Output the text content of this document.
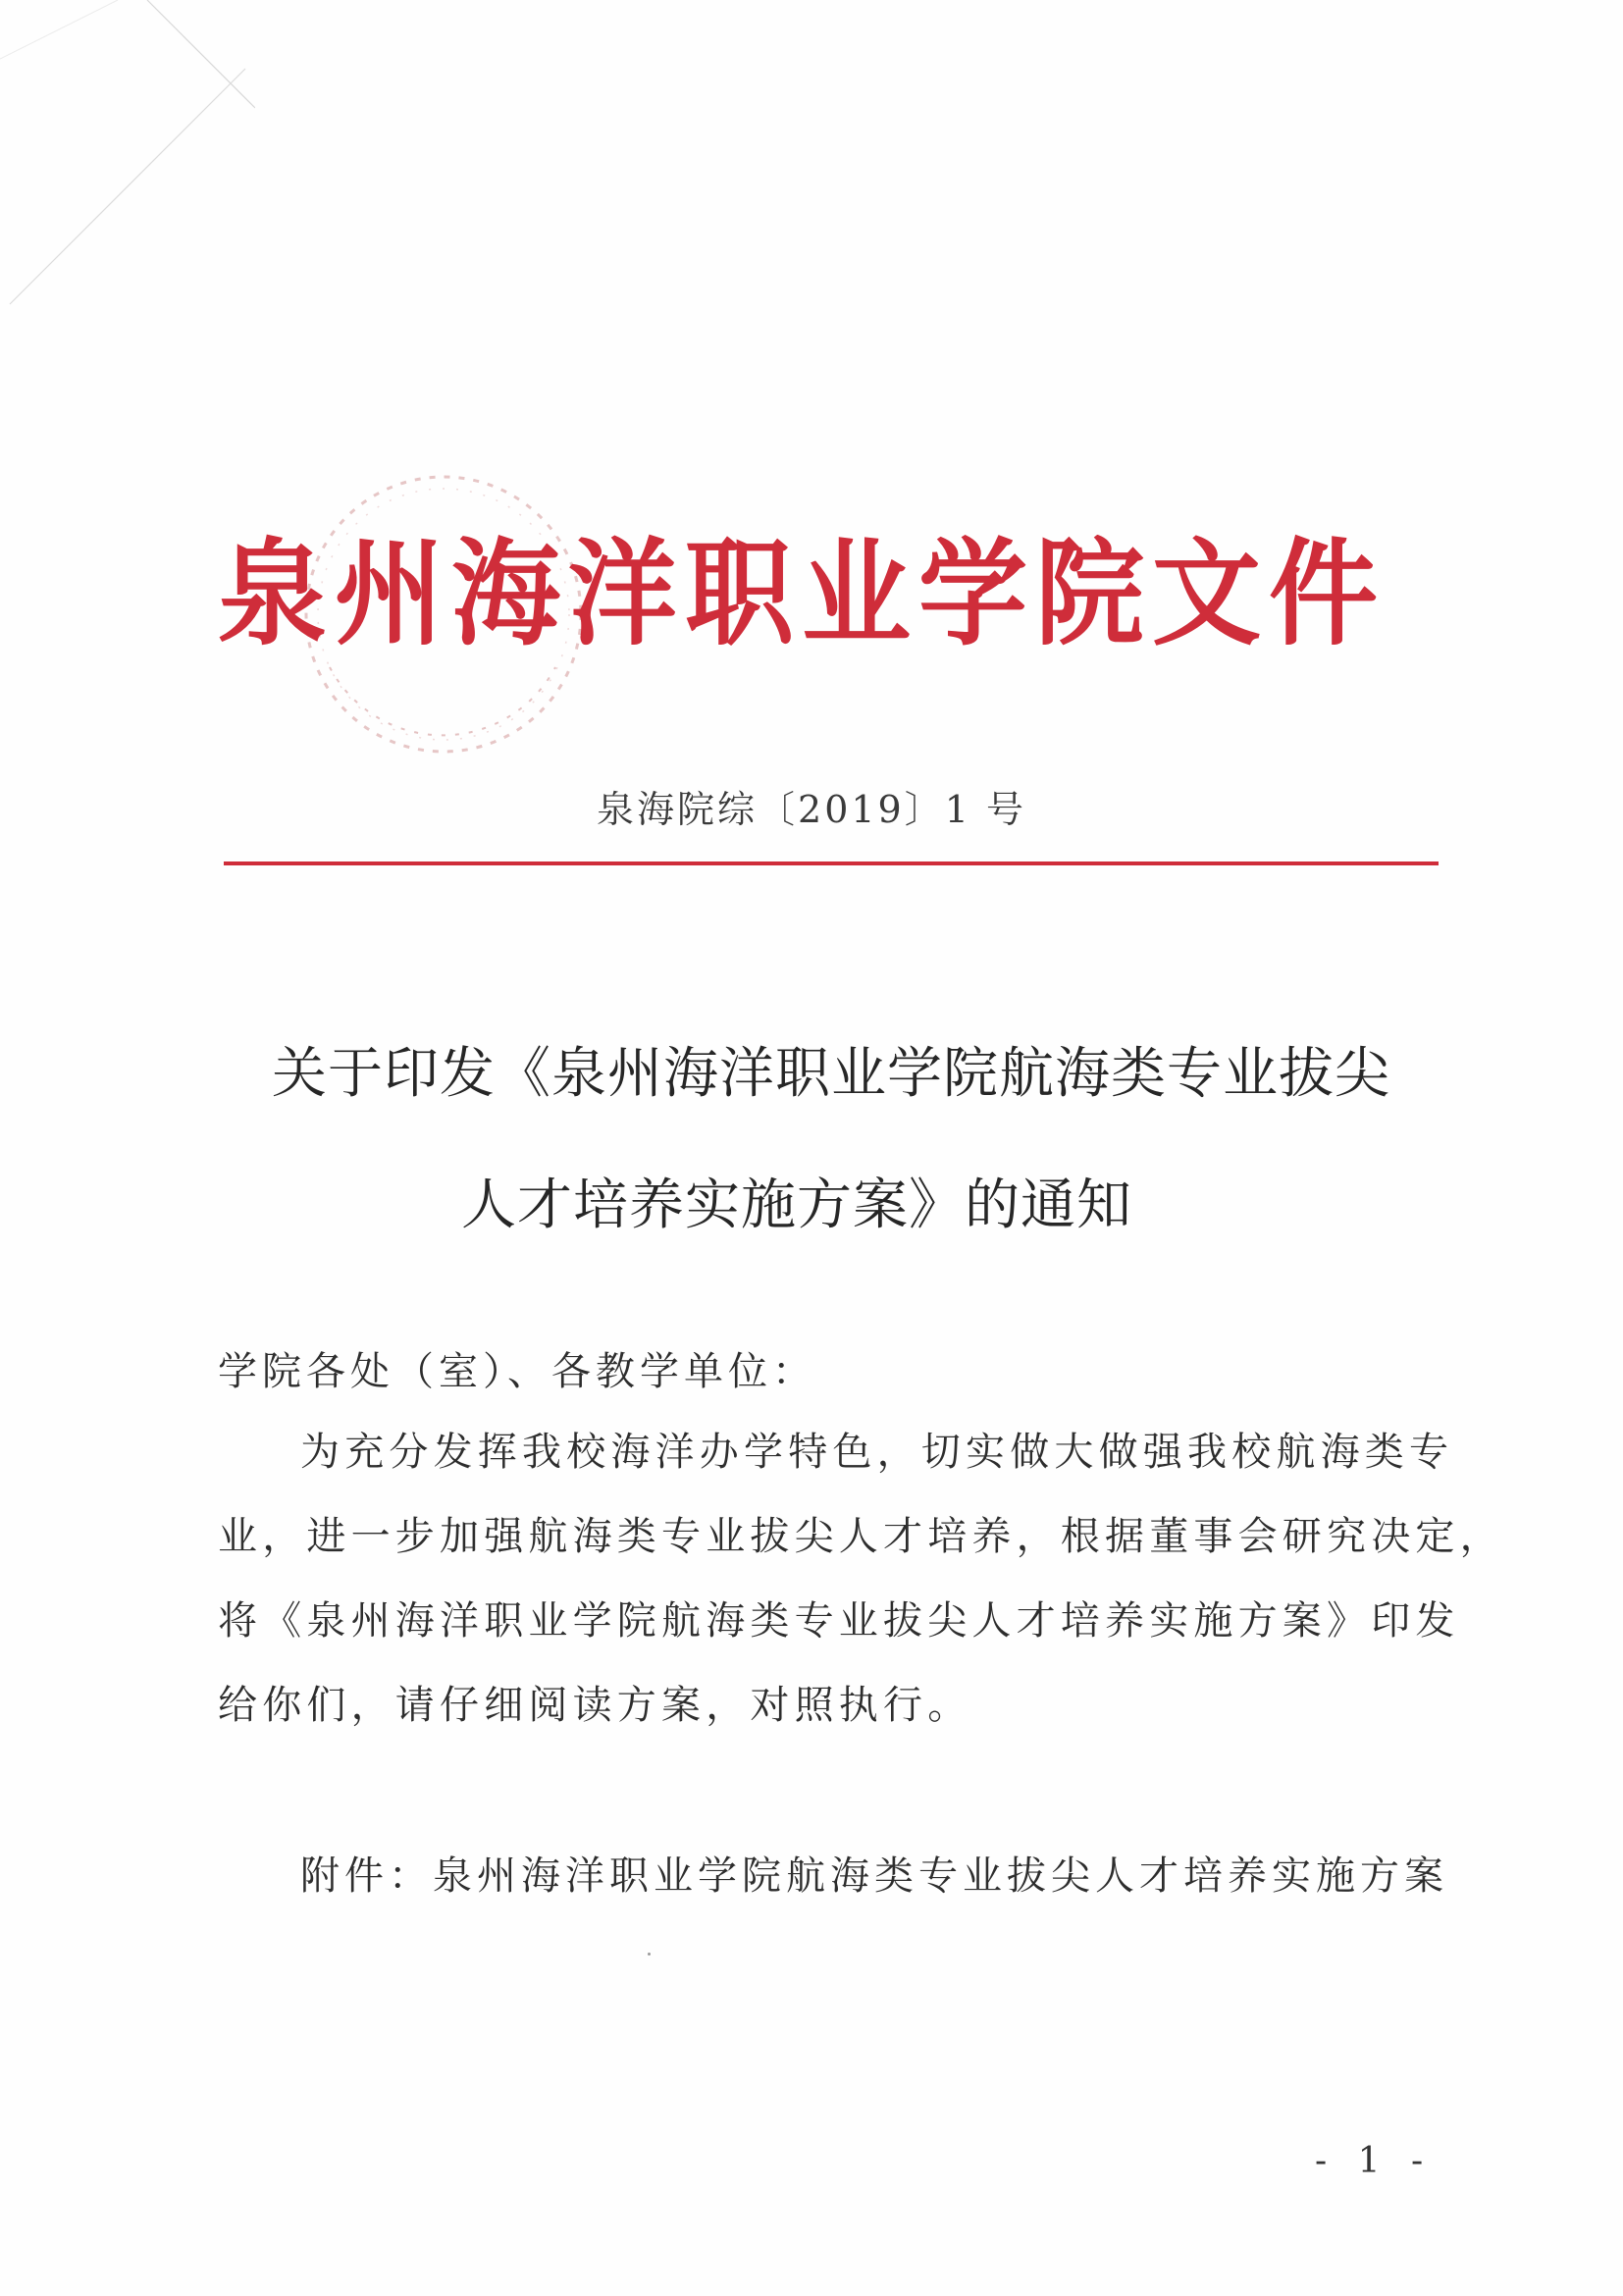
泉州海洋职业学院文件
泉海院综〔2019〕1 号
关于印发《泉州海洋职业学院航海类专业拔尖
人才培养实施方案》的通知
学院各处（室）、各教学单位：
为充分发挥我校海洋办学特色，切实做大做强我校航海类专
业，进一步加强航海类专业拔尖人才培养，根据董事会研究决定，
将《泉州海洋职业学院航海类专业拔尖人才培养实施方案》印发
给你们，请仔细阅读方案，对照执行。
附件：泉州海洋职业学院航海类专业拔尖人才培养实施方案
- 1 -
